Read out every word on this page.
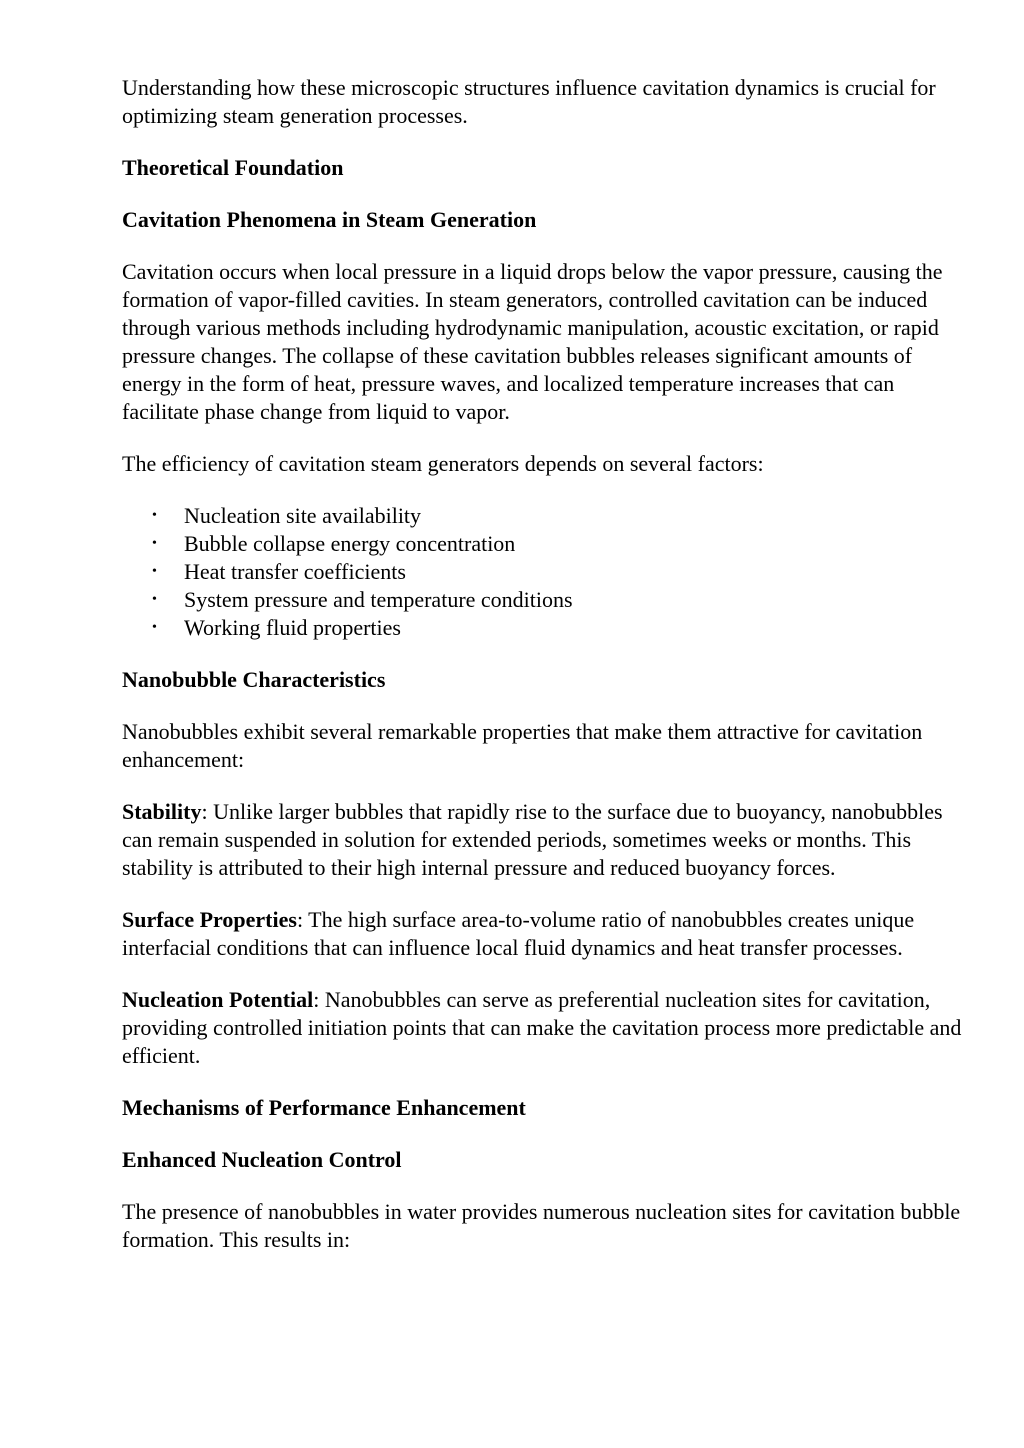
Understanding how these microscopic structures influence cavitation dynamics is crucial for optimizing steam generation processes.

Theoretical Foundation

Cavitation Phenomena in Steam Generation

Cavitation occurs when local pressure in a liquid drops below the vapor pressure, causing the formation of vapor-filled cavities. In steam generators, controlled cavitation can be induced through various methods including hydrodynamic manipulation, acoustic excitation, or rapid pressure changes. The collapse of these cavitation bubbles releases significant amounts of energy in the form of heat, pressure waves, and localized temperature increases that can facilitate phase change from liquid to vapor.

The efficiency of cavitation steam generators depends on several factors:

• Nucleation site availability
• Bubble collapse energy concentration
• Heat transfer coefficients
• System pressure and temperature conditions
• Working fluid properties

Nanobubble Characteristics

Nanobubbles exhibit several remarkable properties that make them attractive for cavitation enhancement:

Stability: Unlike larger bubbles that rapidly rise to the surface due to buoyancy, nanobubbles can remain suspended in solution for extended periods, sometimes weeks or months. This stability is attributed to their high internal pressure and reduced buoyancy forces.

Surface Properties: The high surface area-to-volume ratio of nanobubbles creates unique interfacial conditions that can influence local fluid dynamics and heat transfer processes.

Nucleation Potential: Nanobubbles can serve as preferential nucleation sites for cavitation, providing controlled initiation points that can make the cavitation process more predictable and efficient.

Mechanisms of Performance Enhancement

Enhanced Nucleation Control

The presence of nanobubbles in water provides numerous nucleation sites for cavitation bubble formation. This results in:
